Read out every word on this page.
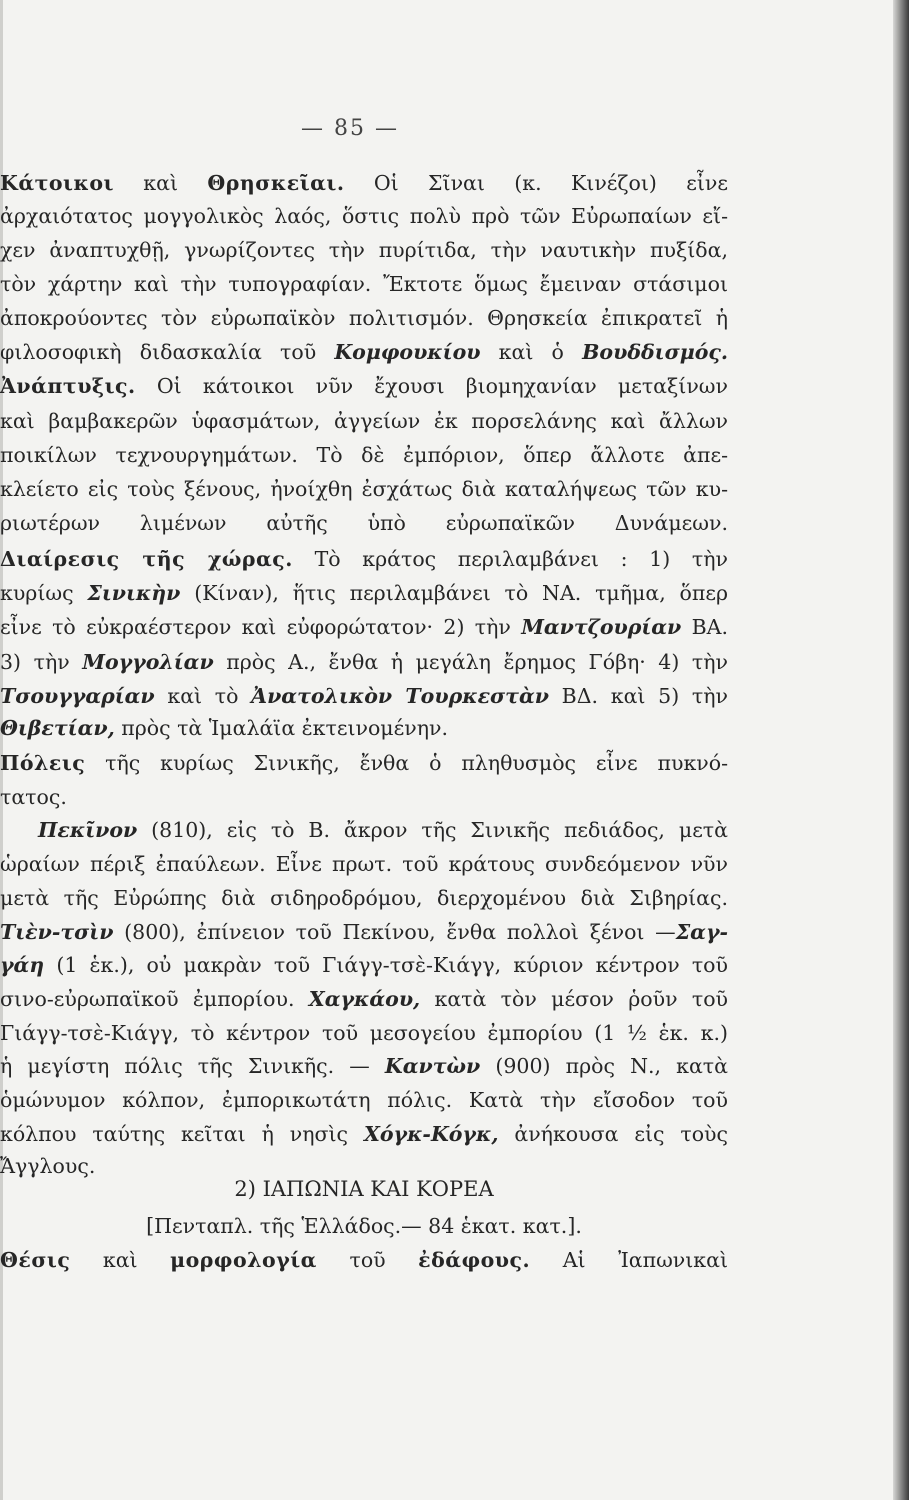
— 85 —
Κάτοικοι καὶ Θρησκεῖαι. Οἱ Σῖναι (κ. Κινέζοι) εἶνε
ἀρχαιότατος μογγολικὸς λαός, ὅστις πολὺ πρὸ τῶν Εὐρωπαίων εἴ-
χεν ἀναπτυχθῇ, γνωρίζοντες τὴν πυρίτιδα, τὴν ναυτικὴν πυξίδα,
τὸν χάρτην καὶ τὴν τυπογραφίαν. Ἔκτοτε ὅμως ἔμειναν στάσιμοι
ἀποκρούοντες τὸν εὐρωπαϊκὸν πολιτισμόν. Θρησκεία ἐπικρατεῖ ἡ
φιλοσοφικὴ διδασκαλία τοῦ Κομφουκίου καὶ ὁ Βουδδισμός.
Ἀνάπτυξις. Οἱ κάτοικοι νῦν ἔχουσι βιομηχανίαν μεταξίνων
καὶ βαμβακερῶν ὑφασμάτων, ἀγγείων ἐκ πορσελάνης καὶ ἄλλων
ποικίλων τεχνουργημάτων. Τὸ δὲ ἐμπόριον, ὅπερ ἄλλοτε ἀπε-
κλείετο εἰς τοὺς ξένους, ἠνοίχθη ἐσχάτως διὰ καταλήψεως τῶν κυ-
ριωτέρων λιμένων αὐτῆς ὑπὸ εὐρωπαϊκῶν Δυνάμεων.
Διαίρεσις τῆς χώρας. Τὸ κράτος περιλαμβάνει : 1) τὴν
κυρίως Σινικὴν (Κίναν), ἥτις περιλαμβάνει τὸ ΝΑ. τμῆμα, ὅπερ
εἶνε τὸ εὐκραέστερον καὶ εὐφορώτατον· 2) τὴν Μαντζουρίαν ΒΑ.
3) τὴν Μογγολίαν πρὸς Α., ἔνθα ἡ μεγάλη ἔρημος Γόβη· 4) τὴν
Τσουγγαρίαν καὶ τὸ Ἀνατολικὸν Τουρκεστὰν ΒΔ. καὶ 5) τὴν
Θιβετίαν, πρὸς τὰ Ἱμαλάϊα ἐκτεινομένην.
Πόλεις τῆς κυρίως Σινικῆς, ἔνθα ὁ πληθυσμὸς εἶνε πυκνό-
τατος.
Πεκῖνον (810), εἰς τὸ Β. ἄκρον τῆς Σινικῆς πεδιάδος, μετὰ
ὡραίων πέριξ ἐπαύλεων. Εἶνε πρωτ. τοῦ κράτους συνδεόμενον νῦν
μετὰ τῆς Εὐρώπης διὰ σιδηροδρόμου, διερχομένου διὰ Σιβηρίας.
Τιὲν-τσὶν (800), ἐπίνειον τοῦ Πεκίνου, ἔνθα πολλοὶ ξένοι —Σαγ-
γάη (1 ἑκ.), οὐ μακρὰν τοῦ Γιάγγ-τσὲ-Κιάγγ, κύριον κέντρον τοῦ
σινο-εὐρωπαϊκοῦ ἐμπορίου. Χαγκάου, κατὰ τὸν μέσον ῥοῦν τοῦ
Γιάγγ-τσὲ-Κιάγγ, τὸ κέντρον τοῦ μεσογείου ἐμπορίου (1 ½ ἑκ. κ.)
ἡ μεγίστη πόλις τῆς Σινικῆς. — Καντὼν (900) πρὸς Ν., κατὰ
ὁμώνυμον κόλπον, ἐμπορικωτάτη πόλις. Κατὰ τὴν εἴσοδον τοῦ
κόλπου ταύτης κεῖται ἡ νησὶς Χόγκ-Κόγκ, ἀνήκουσα εἰς τοὺς
Ἄγγλους.
2) ΙΑΠΩΝΙΑ ΚΑΙ ΚΟΡΕΑ
[Πενταπλ. τῆς Ἑλλάδος.— 84 ἑκατ. κατ.].
Θέσις καὶ μορφολογία τοῦ ἐδάφους. Αἱ Ἰαπωνικαὶ
